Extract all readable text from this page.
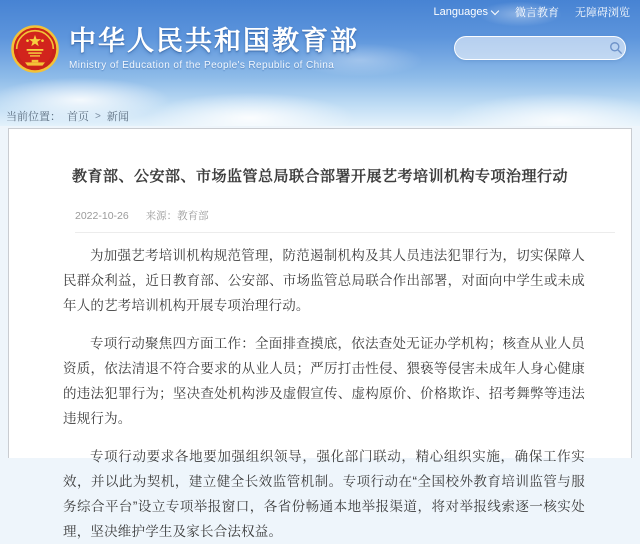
Languages 微言教育 无障碍浏览
中华人民共和国教育部
Ministry of Education of the People's Republic of China
当前位置： 首页 > 新闻
教育部、公安部、市场监管总局联合部署开展艺考培训机构专项治理行动
2022-10-26 来源：教育部

为加强艺考培训机构规范管理，防范遏制机构及其人员违法犯罪行为，切实保障人民群众利益，近日教育部、公安部、市场监管总局联合作出部署，对面向中学生或未成年人的艺考培训机构开展专项治理行动。

专项行动聚焦四方面工作：全面排查摸底，依法查处无证办学机构；核查从业人员资质，依法清退不符合要求的从业人员；严厉打击性侵、猥亵等侵害未成年人身心健康的违法犯罪行为；坚决查处机构涉及虚假宣传、虚构原价、价格欺诈、招考舞弊等违法违规行为。

专项行动要求各地要加强组织领导，强化部门联动，精心组织实施，确保工作实效，并以此为契机，建立健全长效监管机制。专项行动在“全国校外教育培训监管与服务综合平台”设立专项举报窗口，各省份畅通本地举报渠道，将对举报线索逐一核实处理，坚决维护学生及家长合法权益。
